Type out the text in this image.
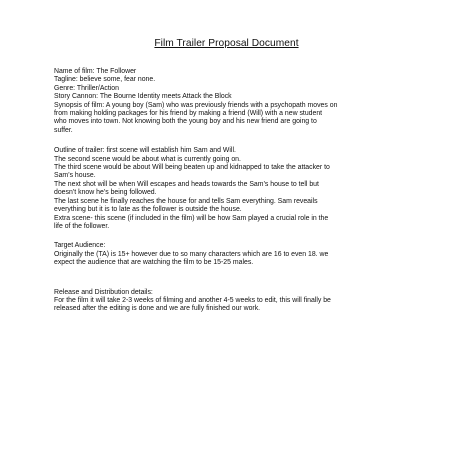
Film Trailer Proposal Document

Name of film: The Follower

Tagline: believe some, fear none.

Genre: Thriller/Action

Story Cannon: The Bourne Identity meets Attack the Block

Synopsis of film: A young boy (Sam) who was previously friends with a psychopath moves on

from making holding packages for his friend by making a friend (Will) with a new student

who moves into town. Not knowing both the young boy and his new friend are going to

suffer.

Outline of trailer: first scene will establish him Sam and Will.

The second scene would be about what is currently going on.

The third scene would be about Will being beaten up and kidnapped to take the attacker to

Sam’s house.

The next shot will be when Will escapes and heads towards the Sam’s house to tell but

doesn’t know he’s being followed.

The last scene he finally reaches the house for and tells Sam everything. Sam reveails

everything but it is to late as the follower is outside the house.

Extra scene- this scene (if included in the film) will be how Sam played a crucial role in the

life of the follower.

Target Audience:

Originally the (TA) is 15+ however due to so many characters which are 16 to even 18. we

expect the audience that are watching the film to be 15-25 males.

Release and Distribution details:

For the film it will take 2-3 weeks of filming and another 4-5 weeks to edit, this will finally be

released after the editing is done and we are fully finished our work.
